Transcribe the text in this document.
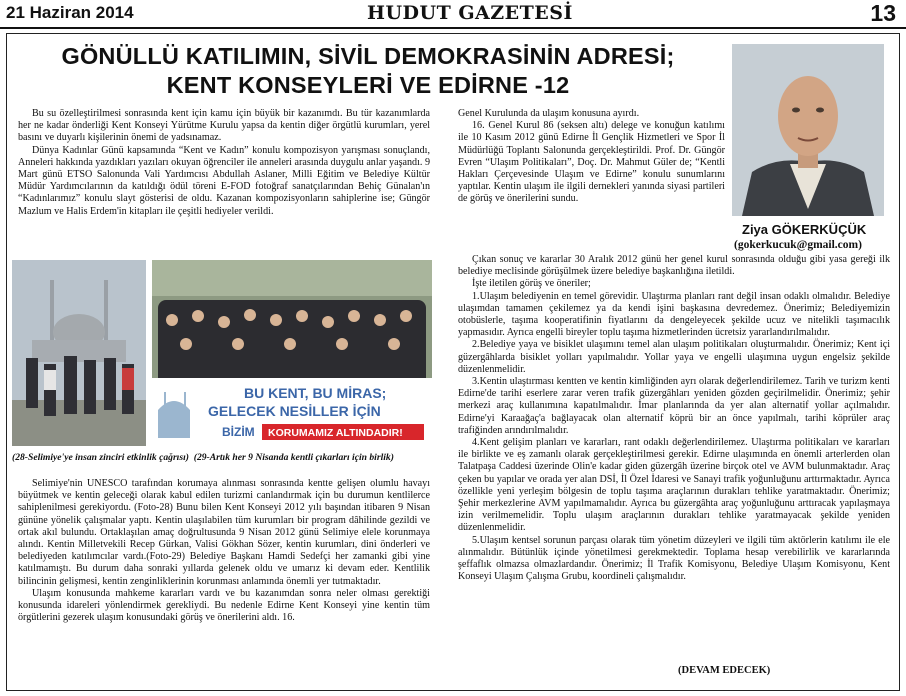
21 Haziran 2014	HUDUT GAZETESİ	13
GÖNÜLLÜ KATILIMIN, SİVİL DEMOKRASİNİN ADRESİ;
KENT KONSEYLERİ VE EDİRNE -12
Ziya GÖKERKÜÇÜK
(gokerkucuk@gmail.com)

Bu su özelleştirilmesi sonrasında kent için kamu için büyük bir kazanımdı. Bu tür kazanımlarda her ne kadar önderliği Kent Konseyi Yürütme Kurulu yapsa da kentin diğer örgütlü kurumları, yerel basını ve duyarlı kişilerinin önemi de yadsınamaz.

Dünya Kadınlar Günü kapsamında “Kent ve Kadın” konulu kompozisyon yarışması sonuçlandı, Anneleri hakkında yazdıkları yazıları okuyan öğrenciler ile anneleri arasında duygulu anlar yaşandı. 9 Mart günü ETSO Salonunda Vali Yardımcısı Abdullah Aslaner, Milli Eğitim ve Belediye Kültür Müdür Yardımcılarının da katıldığı ödül töreni E-FOD fotoğraf sanatçılarından Behiç Günalan'ın “Kadınlarımız” konulu slayt gösterisi de oldu. Kazanan kompozisyonların sahiplerine ise; Güngör Mazlum ve Halis Erdem'in kitapları ile çeşitli hediyeler verildi.

BU KENT, BU MİRAS;
GELECEK NESİLLER İÇİN
BİZİM KORUMAMIZ ALTINDADIR!
(28-Selimiye'ye insan zinciri etkinlik çağrısı) (29-Artık her 9 Nisanda kentli çıkarları için birlik)

Selimiye'nin UNESCO tarafından korumaya alınması sonrasında kentte gelişen olumlu havayı büyütmek ve kentin geleceği olarak kabul edilen turizmi canlandırmak için bu durumun kentlilerce sahiplenilmesi gerekiyordu. (Foto-28) Bunu bilen Kent Konseyi 2012 yılı başından itibaren 9 Nisan gününe yönelik çalışmalar yaptı. Kentin ulaşılabilen tüm kurumları bir program dâhilinde gezildi ve ortak akıl bulundu. Ortaklaşılan amaç doğrultusunda 9 Nisan 2012 günü Selimiye elele korunmaya alındı. Kentin Milletvekili Recep Gürkan, Valisi Gökhan Sözer, kentin kurumları, dini önderleri ve belediyeden katılımcılar vardı.(Foto-29) Belediye Başkanı Hamdi Sedefçi her zamanki gibi yine katılmamıştı. Bu durum daha sonraki yıllarda gelenek oldu ve umarız ki devam eder. Kentlilik bilincinin gelişmesi, kentin zenginliklerinin korunması anlamında önemli yer tutmaktadır.

Ulaşım konusunda mahkeme kararları vardı ve bu kazanımdan sonra neler olması gerektiği konusunda idareleri yönlendirmek gerekliydi. Bu nedenle Edirne Kent Konseyi yine kentin tüm örgütlerini gezerek ulaşım konusundaki görüş ve önerilerini aldı. 16.

Genel Kurulunda da ulaşım konusuna ayırdı.

16. Genel Kurul 86 (seksen altı) delege ve konuğun katılımı ile 10 Kasım 2012 günü Edirne İl Gençlik Hizmetleri ve Spor İl Müdürlüğü Toplantı Salonunda gerçekleştirildi. Prof. Dr. Güngör Evren “Ulaşım Politikaları”, Doç. Dr. Mahmut Güler de; “Kentli Hakları Çerçevesinde Ulaşım ve Edirne” konulu sunumlarını yaptılar. Kentin ulaşım ile ilgili dernekleri yanında siyasi partileri de görüş ve önerilerini sundu.

Çıkan sonuç ve kararlar 30 Aralık 2012 günü her genel kurul sonrasında olduğu gibi yasa gereği ilk belediye meclisinde görüşülmek üzere belediye başkanlığına iletildi.

İşte iletilen görüş ve öneriler;

1.Ulaşım belediyenin en temel görevidir. Ulaştırma planları rant değil insan odaklı olmalıdır. Belediye ulaşımdan tamamen çekilemez ya da kendi işini başkasına devredemez. Önerimiz; Belediyemizin otobüslerle, taşıma kooperatifinin fiyatlarını da dengeleyecek şekilde ucuz ve nitelikli taşımacılık yapmasıdır. Ayrıca engelli bireyler toplu taşıma hizmetlerinden ücretsiz yararlandırılmalıdır.

2.Belediye yaya ve bisiklet ulaşımını temel alan ulaşım politikaları oluşturmalıdır. Önerimiz; Kent içi güzergâhlarda bisiklet yolları yapılmalıdır. Yollar yaya ve engelli ulaşımına uygun engelsiz şekilde düzenlenmelidir.

3.Kentin ulaştırması kentten ve kentin kimliğinden ayrı olarak değerlendirilemez. Tarih ve turizm kenti Edirne'de tarihi eserlere zarar veren trafik güzergâhları yeniden gözden geçirilmelidir. Önerimiz; şehir merkezi araç kullanımına kapatılmalıdır. İmar planlarında da yer alan alternatif yollar açılmalıdır. Edirne'yi Karaağaç'a bağlayacak olan alternatif köprü bir an önce yapılmalı, tarihi köprüler araç trafiğinden arındırılmalıdır.

4.Kent gelişim planları ve kararları, rant odaklı değerlendirilemez. Ulaştırma politikaları ve kararları ile birlikte ve eş zamanlı olarak gerçekleştirilmesi gerekir. Edirne ulaşımında en önemli arterlerden olan Talatpaşa Caddesi üzerinde Olin'e kadar giden güzergâh üzerine birçok otel ve AVM bulunmaktadır. Araç çeken bu yapılar ve orada yer alan DSİ, İl Özel İdaresi ve Sanayi trafik yoğunluğunu arttırmaktadır. Ayrıca özellikle yeni yerleşim bölgesin de toplu taşıma araçlarının durakları tehlike yaratmaktadır. Önerimiz; Şehir merkezlerine AVM yapılmamalıdır. Ayrıca bu güzergâhta araç yoğunluğunu arttıracak yapılaşmaya izin verilmemelidir. Toplu ulaşım araçlarının durakları tehlike yaratmayacak şekilde yeniden düzenlenmelidir.

5.Ulaşım kentsel sorunun parçası olarak tüm yönetim düzeyleri ve ilgili tüm aktörlerin katılımı ile ele alınmalıdır. Bütünlük içinde yönetilmesi gerekmektedir. Toplama hesap verebilirlik ve kararlarında şeffaflık olmazsa olmazlardandır. Önerimiz; İl Trafik Komisyonu, Belediye Ulaşım Komisyonu, Kent Konseyi Ulaşım Çalışma Grubu, koordineli çalışmalıdır.

(DEVAM EDECEK)
